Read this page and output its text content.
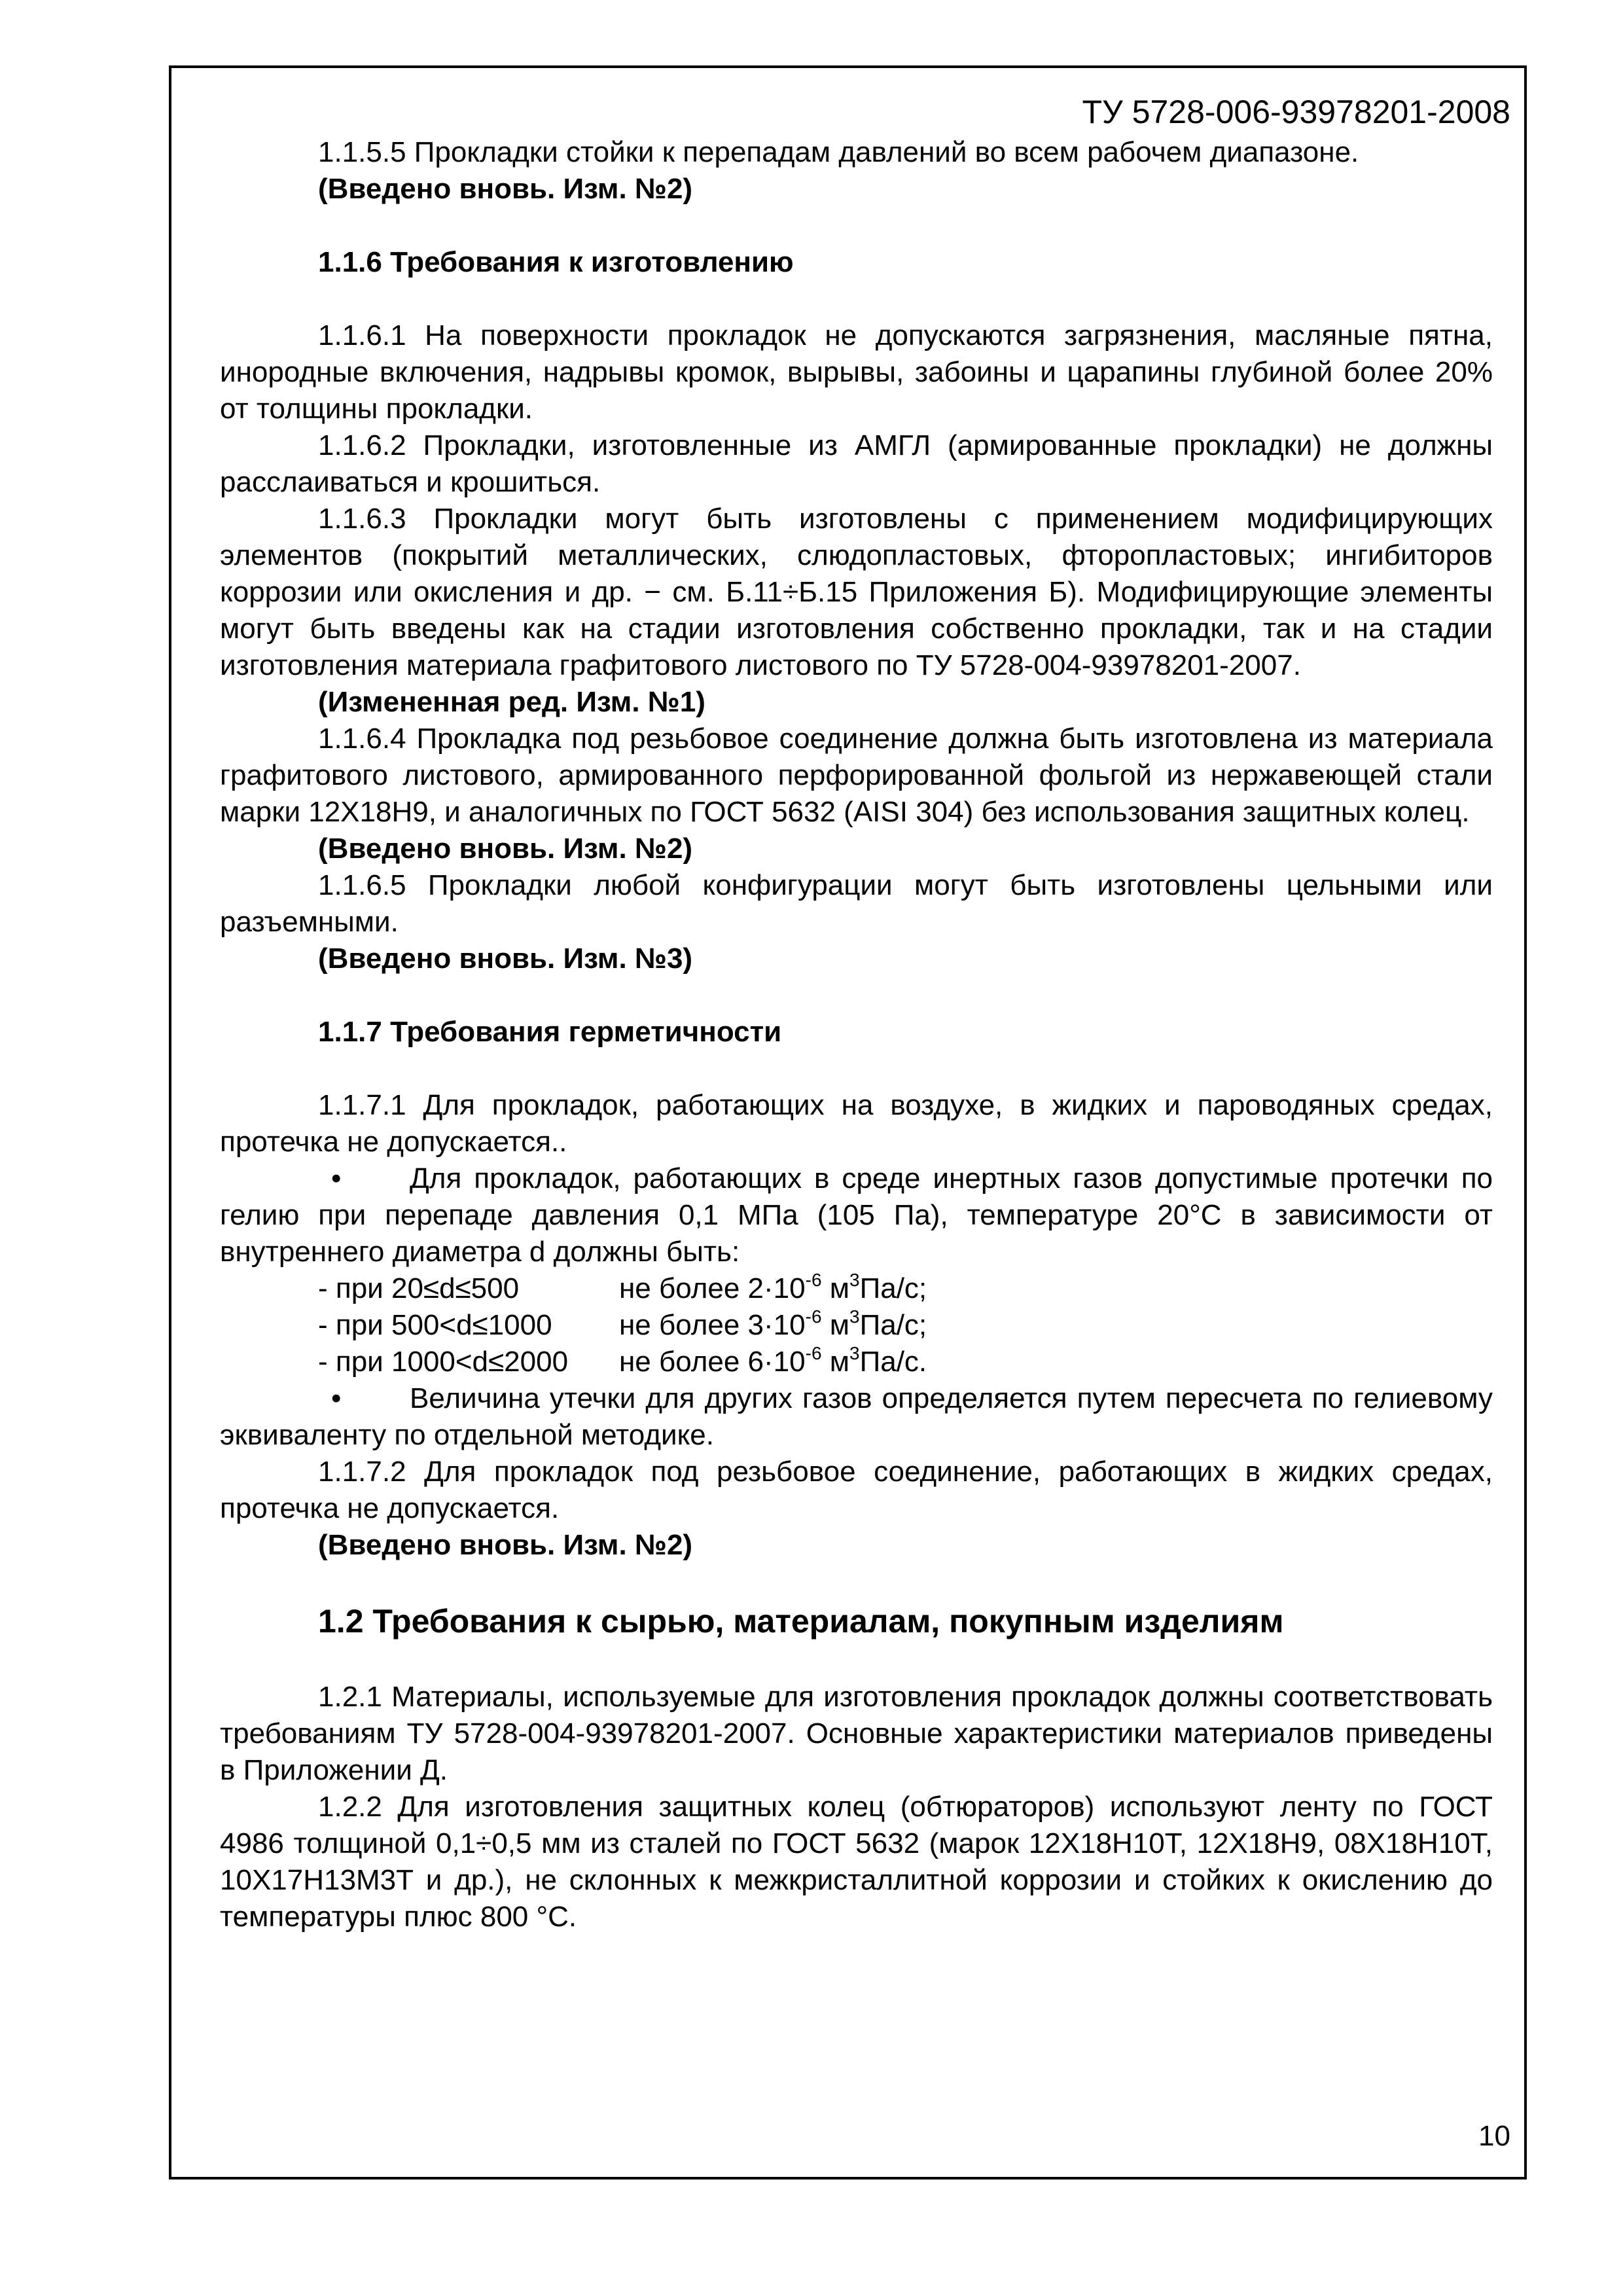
ТУ 5728-006-93978201-2008

1.1.5.5 Прокладки стойки к перепадам давлений во всем рабочем диапазоне.

(Введено вновь. Изм. №2)

1.1.6 Требования к изготовлению

1.1.6.1 На поверхности прокладок не допускаются загрязнения, масляные пятна, инородные включения, надрывы кромок, вырывы, забоины и царапины глубиной более 20% от толщины прокладки.

1.1.6.2 Прокладки, изготовленные из АМГЛ (армированные прокладки) не должны расслаиваться и крошиться.

1.1.6.3 Прокладки могут быть изготовлены с применением модифицирующих элементов (покрытий металлических, слюдопластовых, фторопластовых; ингибиторов коррозии или окисления и др. − см. Б.11÷Б.15 Приложения Б). Модифицирующие элементы могут быть введены как на стадии изготовления собственно прокладки, так и на стадии изготовления материала графитового листового по ТУ 5728-004-93978201-2007.

(Измененная ред. Изм. №1)

1.1.6.4 Прокладка под резьбовое соединение должна быть изготовлена из материала графитового листового, армированного перфорированной фольгой из нержавеющей стали марки 12Х18Н9, и аналогичных по ГОСТ 5632 (AISI 304) без использования защитных колец.

(Введено вновь. Изм. №2)

1.1.6.5 Прокладки любой конфигурации могут быть изготовлены цельными или разъемными.

(Введено вновь. Изм. №3)

1.1.7 Требования герметичности

1.1.7.1 Для прокладок, работающих на воздухе, в жидких и пароводяных средах, протечка не допускается..

• Для прокладок, работающих в среде инертных газов допустимые протечки по гелию при перепаде давления 0,1 МПа (105 Па), температуре 20°С в зависимости от внутреннего диаметра d должны быть:

- при 20≤d≤500	не более $2\cdot 10^{-6}$ $м^3Па/с$;

- при 500<d≤1000	не более $3\cdot 10^{-6}$ $м^3Па/с$;

- при 1000<d≤2000	не более $6\cdot 10^{-6}$ $м^3Па/с$.

• Величина утечки для других газов определяется путем пересчета по гелиевому эквиваленту по отдельной методике.

1.1.7.2 Для прокладок под резьбовое соединение, работающих в жидких средах, протечка не допускается.

(Введено вновь. Изм. №2)

1.2 Требования к сырью, материалам, покупным изделиям

1.2.1 Материалы, используемые для изготовления прокладок должны соответствовать требованиям ТУ 5728-004-93978201-2007. Основные характеристики материалов приведены в Приложении Д.

1.2.2 Для изготовления защитных колец (обтюраторов) используют ленту по ГОСТ 4986 толщиной 0,1÷0,5 мм из сталей по ГОСТ 5632 (марок 12Х18Н10Т, 12Х18Н9, 08Х18Н10Т, 10Х17Н13М3Т и др.), не склонных к межкристаллитной коррозии и стойких к окислению до температуры плюс 800 °С.

10
